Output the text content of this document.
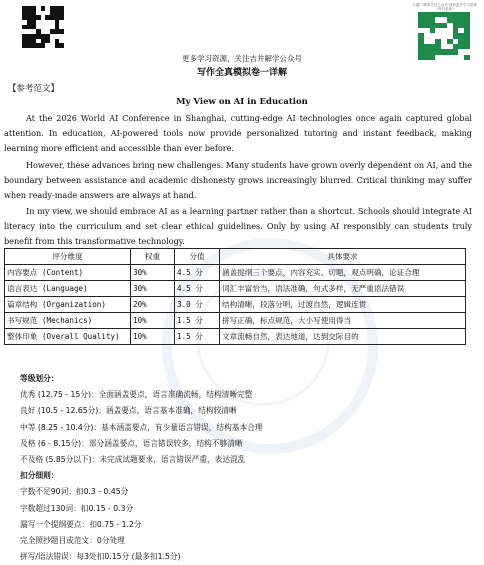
扫描二维码关注公众号 获取更多学习资源（每日更新）
更多学习资源，关注吉井解学公众号
写作全真模拟卷一详解
【参考范文】
My View on AI in Education
At the 2026 World AI Conference in Shanghai, cutting-edge AI technologies once again captured global attention. In education, AI-powered tools now provide personalized tutoring and instant feedback, making learning more efficient and accessible than ever before.
However, these advances bring new challenges. Many students have grown overly dependent on AI, and the boundary between assistance and academic dishonesty grows increasingly blurred. Critical thinking may suffer when ready-made answers are always at hand.
In my view, we should embrace AI as a learning partner rather than a shortcut. Schools should integrate AI literacy into the curriculum and set clear ethical guidelines. Only by using AI responsibly can students truly benefit from this transformative technology.
评分维度	权重	分值	具体要求
内容要点 (Content)	30%	4.5 分	涵盖提纲三个要点，内容充实、切题，观点明确，论证合理
语言表达 (Language)	30%	4.5 分	词汇丰富恰当，语法准确，句式多样，无严重语法错误
篇章结构 (Organization)	20%	3.0 分	结构清晰，段落分明，过渡自然，逻辑连贯
书写规范 (Mechanics)	10%	1.5 分	拼写正确，标点规范，大小写使用得当
整体印象 (Overall Quality)	10%	1.5 分	文章流畅自然，表达地道，达到交际目的
等级划分：
优秀 (12.75 - 15分)：全面涵盖要点，语言准确流畅，结构清晰完整
良好 (10.5 - 12.65分)：涵盖要点，语言基本准确，结构较清晰
中等 (8.25 - 10.4分)：基本涵盖要点，有少量语言错误，结构基本合理
及格 (6 - 8.15分)：部分涵盖要点，语言错误较多，结构不够清晰
不及格 (5.85分以下)：未完成试题要求，语言错误严重，表达混乱
扣分细则：
字数不足90词：扣0.3 - 0.45分
字数超过130词：扣0.15 - 0.3分
漏写一个提纲要点：扣0.75 - 1.2分
完全照抄题目或范文：0分处理
拼写/语法错误：每3处扣0.15分 (最多扣1.5分)
